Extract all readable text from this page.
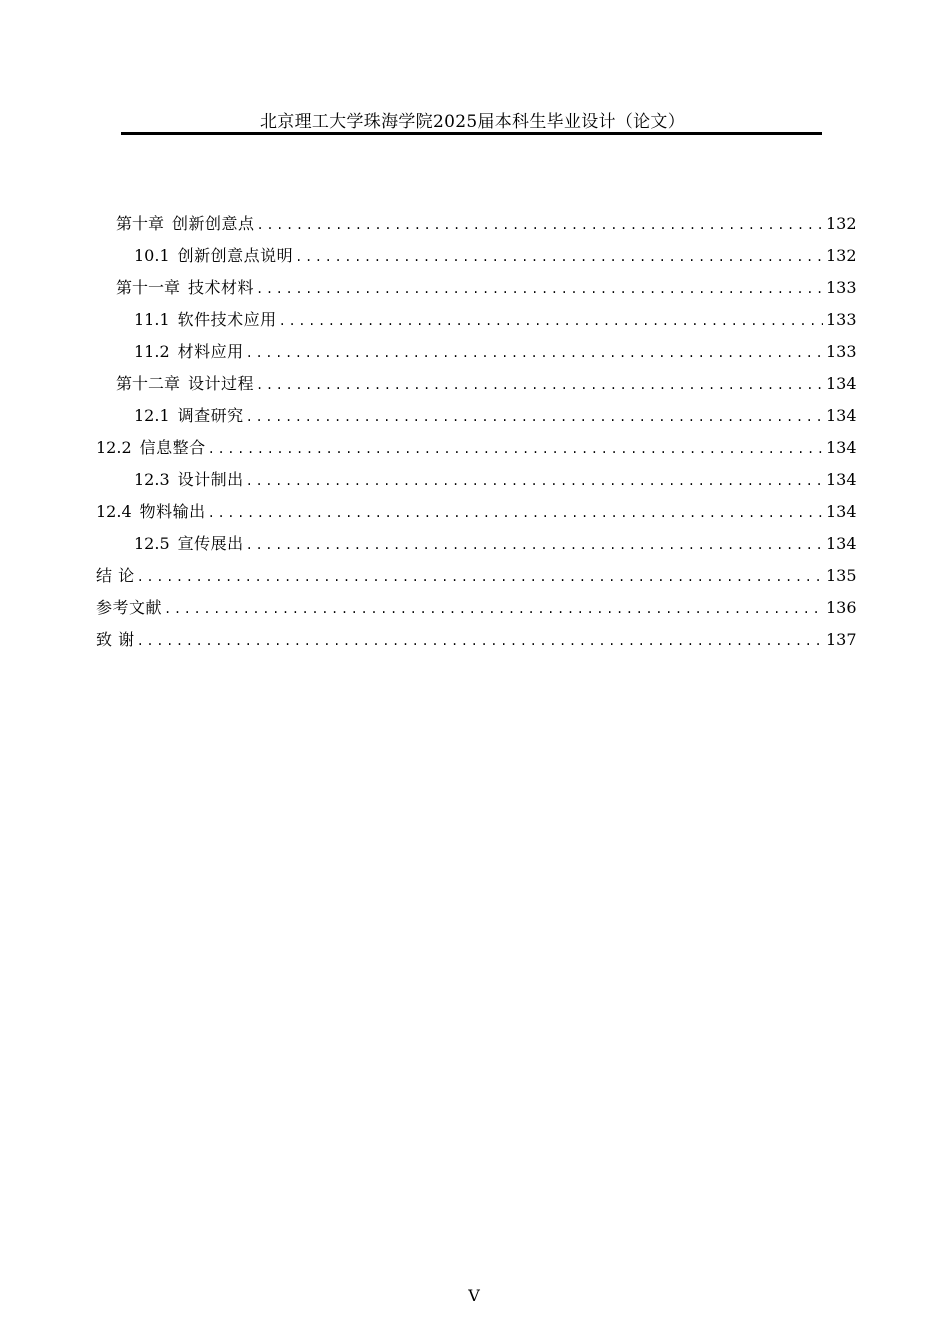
北京理工大学珠海学院2025届本科生毕业设计（论文）
第十章 创新创意点 .....	132
10.1 创新创意点说明 .....	132
第十一章 技术材料 .....	133
11.1 软件技术应用 .....	133
11.2 材料应用 .....	133
第十二章 设计过程 .....	134
12.1 调查研究 .....	134
12.2 信息整合 .....	134
12.3 设计制出 .....	134
12.4 物料输出 .....	134
12.5 宣传展出 .....	134
结 论 .....	135
参考文献 .....	136
致 谢 .....	137
V
